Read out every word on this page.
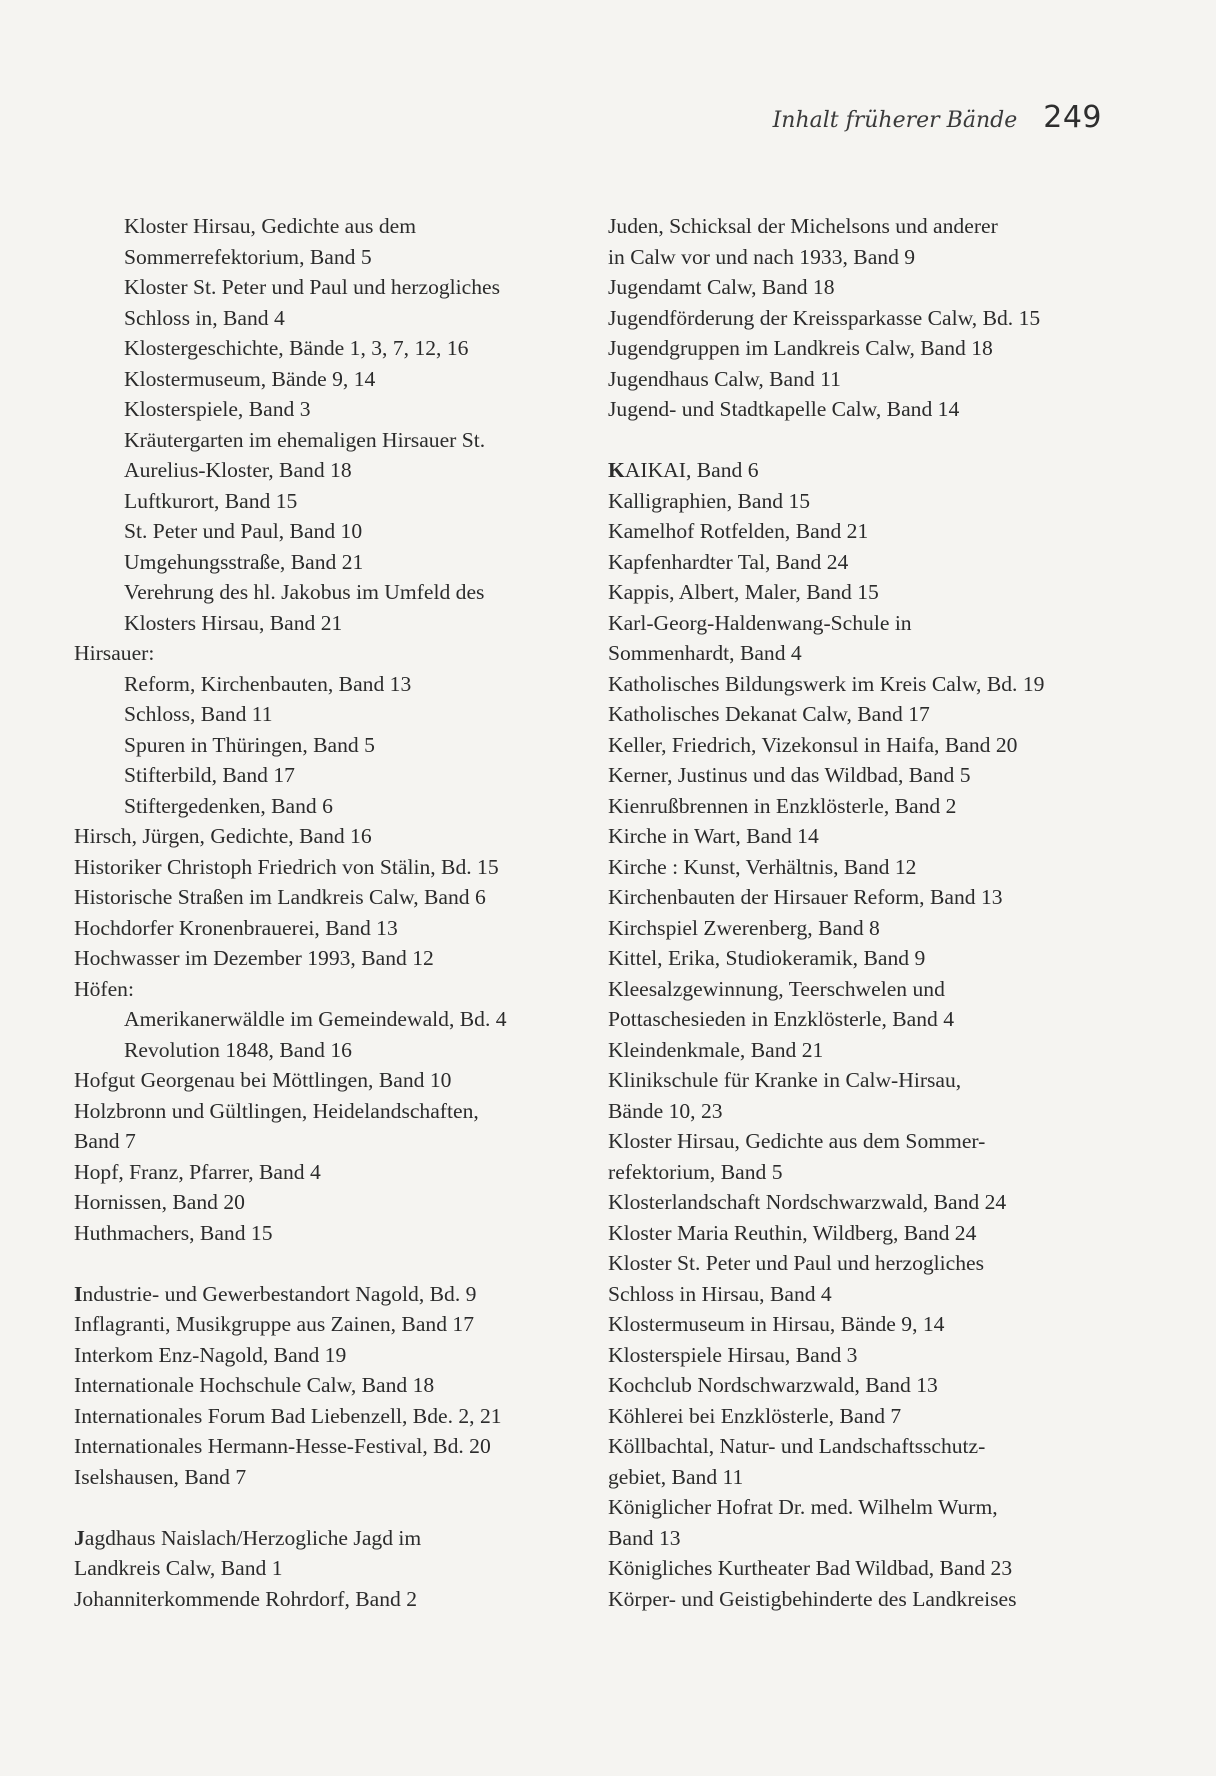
Inhalt früherer Bände 249
Kloster Hirsau, Gedichte aus dem
Sommerrefektorium, Band 5
Kloster St. Peter und Paul und herzogliches
Schloss in, Band 4
Klostergeschichte, Bände 1, 3, 7, 12, 16
Klostermuseum, Bände 9, 14
Klosterspiele, Band 3
Kräutergarten im ehemaligen Hirsauer St.
Aurelius-Kloster, Band 18
Luftkurort, Band 15
St. Peter und Paul, Band 10
Umgehungsstraße, Band 21
Verehrung des hl. Jakobus im Umfeld des
Klosters Hirsau, Band 21
Hirsauer:
Reform, Kirchenbauten, Band 13
Schloss, Band 11
Spuren in Thüringen, Band 5
Stifterbild, Band 17
Stiftergedenken, Band 6
Hirsch, Jürgen, Gedichte, Band 16
Historiker Christoph Friedrich von Stälin, Bd. 15
Historische Straßen im Landkreis Calw, Band 6
Hochdorfer Kronenbrauerei, Band 13
Hochwasser im Dezember 1993, Band 12
Höfen:
Amerikanerwäldle im Gemeindewald, Bd. 4
Revolution 1848, Band 16
Hofgut Georgenau bei Möttlingen, Band 10
Holzbronn und Gültlingen, Heidelandschaften,
Band 7
Hopf, Franz, Pfarrer, Band 4
Hornissen, Band 20
Huthmachers, Band 15
Industrie- und Gewerbestandort Nagold, Bd. 9
Inflagranti, Musikgruppe aus Zainen, Band 17
Interkom Enz-Nagold, Band 19
Internationale Hochschule Calw, Band 18
Internationales Forum Bad Liebenzell, Bde. 2, 21
Internationales Hermann-Hesse-Festival, Bd. 20
Iselshausen, Band 7
Jagdhaus Naislach/Herzogliche Jagd im
Landkreis Calw, Band 1
Johanniterkommende Rohrdorf, Band 2
Juden, Schicksal der Michelsons und anderer
in Calw vor und nach 1933, Band 9
Jugendamt Calw, Band 18
Jugendförderung der Kreissparkasse Calw, Bd. 15
Jugendgruppen im Landkreis Calw, Band 18
Jugendhaus Calw, Band 11
Jugend- und Stadtkapelle Calw, Band 14
KAIKAI, Band 6
Kalligraphien, Band 15
Kamelhof Rotfelden, Band 21
Kapfenhardter Tal, Band 24
Kappis, Albert, Maler, Band 15
Karl-Georg-Haldenwang-Schule in
Sommenhardt, Band 4
Katholisches Bildungswerk im Kreis Calw, Bd. 19
Katholisches Dekanat Calw, Band 17
Keller, Friedrich, Vizekonsul in Haifa, Band 20
Kerner, Justinus und das Wildbad, Band 5
Kienrußbrennen in Enzklösterle, Band 2
Kirche in Wart, Band 14
Kirche : Kunst, Verhältnis, Band 12
Kirchenbauten der Hirsauer Reform, Band 13
Kirchspiel Zwerenberg, Band 8
Kittel, Erika, Studiokeramik, Band 9
Kleesalzgewinnung, Teerschwelen und
Pottaschesieden in Enzklösterle, Band 4
Kleindenkmale, Band 21
Klinikschule für Kranke in Calw-Hirsau,
Bände 10, 23
Kloster Hirsau, Gedichte aus dem Sommer-
refektorium, Band 5
Klosterlandschaft Nordschwarzwald, Band 24
Kloster Maria Reuthin, Wildberg, Band 24
Kloster St. Peter und Paul und herzogliches
Schloss in Hirsau, Band 4
Klostermuseum in Hirsau, Bände 9, 14
Klosterspiele Hirsau, Band 3
Kochclub Nordschwarzwald, Band 13
Köhlerei bei Enzklösterle, Band 7
Köllbachtal, Natur- und Landschaftsschutz-
gebiet, Band 11
Königlicher Hofrat Dr. med. Wilhelm Wurm,
Band 13
Königliches Kurtheater Bad Wildbad, Band 23
Körper- und Geistigbehinderte des Landkreises
